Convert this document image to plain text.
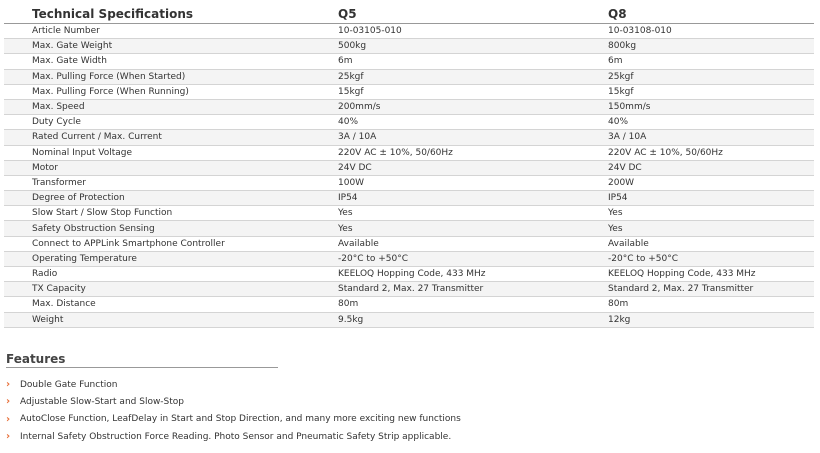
Technical Specifications	Q5	Q8
Article Number	10-03105-010	10-03108-010
Max. Gate Weight	500kg	800kg
Max. Gate Width	6m	6m
Max. Pulling Force (When Started)	25kgf	25kgf
Max. Pulling Force (When Running)	15kgf	15kgf
Max. Speed	200mm/s	150mm/s
Duty Cycle	40%	40%
Rated Current / Max. Current	3A / 10A	3A / 10A
Nominal Input Voltage	220V AC ± 10%, 50/60Hz	220V AC ± 10%, 50/60Hz
Motor	24V DC	24V DC
Transformer	100W	200W
Degree of Protection	IP54	IP54
Slow Start / Slow Stop Function	Yes	Yes
Safety Obstruction Sensing	Yes	Yes
Connect to APPLink Smartphone Controller	Available	Available
Operating Temperature	-20°C to +50°C	-20°C to +50°C
Radio	KEELOQ Hopping Code, 433 MHz	KEELOQ Hopping Code, 433 MHz
TX Capacity	Standard 2, Max. 27 Transmitter	Standard 2, Max. 27 Transmitter
Max. Distance	80m	80m
Weight	9.5kg	12kg
Features
›	Double Gate Function
›	Adjustable Slow-Start and Slow-Stop
›	AutoClose Function, LeafDelay in Start and Stop Direction, and many more exciting new functions
›	Internal Safety Obstruction Force Reading. Photo Sensor and Pneumatic Safety Strip applicable.
